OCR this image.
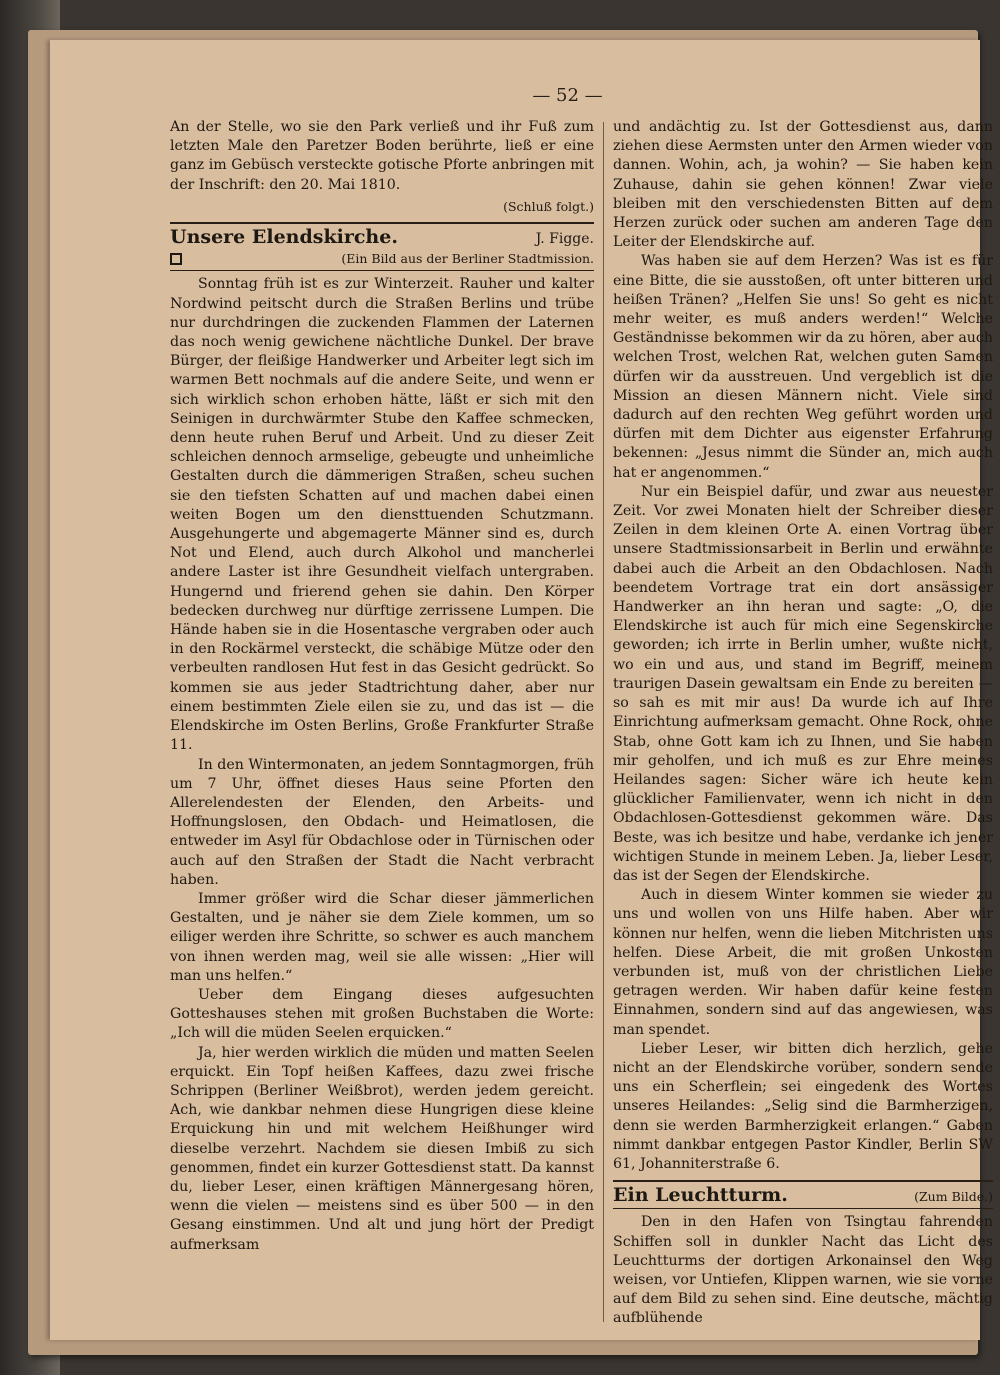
— 52 —

An der Stelle, wo sie den Park verließ und ihr Fuß zum letzten Male den Paretzer Boden berührte, ließ er eine ganz im Gebüsch versteckte gotische Pforte anbringen mit der Inschrift: den 20. Mai 1810.

(Schluß folgt.)
Unsere Elendskirche.	J. Figge.
(Ein Bild aus der Berliner Stadtmission.

Sonntag früh ist es zur Winterzeit. Rauher und kalter Nordwind peitscht durch die Straßen Berlins und trübe nur durchdringen die zuckenden Flammen der Laternen das noch wenig gewichene nächtliche Dunkel. Der brave Bürger, der fleißige Handwerker und Arbeiter legt sich im warmen Bett nochmals auf die andere Seite, und wenn er sich wirklich schon erhoben hätte, läßt er sich mit den Seinigen in durchwärmter Stube den Kaffee schmecken, denn heute ruhen Beruf und Arbeit. Und zu dieser Zeit schleichen dennoch armselige, gebeugte und unheimliche Gestalten durch die dämmerigen Straßen, scheu suchen sie den tiefsten Schatten auf und machen dabei einen weiten Bogen um den diensttuenden Schutzmann. Ausgehungerte und abgemagerte Männer sind es, durch Not und Elend, auch durch Alkohol und mancherlei andere Laster ist ihre Gesundheit vielfach untergraben. Hungernd und frierend gehen sie dahin. Den Körper bedecken durchweg nur dürftige zerrissene Lumpen. Die Hände haben sie in die Hosentasche vergraben oder auch in den Rockärmel versteckt, die schäbige Mütze oder den verbeulten randlosen Hut fest in das Gesicht gedrückt. So kommen sie aus jeder Stadtrichtung daher, aber nur einem bestimmten Ziele eilen sie zu, und das ist — die Elendskirche im Osten Berlins, Große Frankfurter Straße 11.

In den Wintermonaten, an jedem Sonntagmorgen, früh um 7 Uhr, öffnet dieses Haus seine Pforten den Allerelendesten der Elenden, den Arbeits- und Hoffnungslosen, den Obdach- und Heimatlosen, die entweder im Asyl für Obdachlose oder in Türnischen oder auch auf den Straßen der Stadt die Nacht verbracht haben.

Immer größer wird die Schar dieser jämmerlichen Gestalten, und je näher sie dem Ziele kommen, um so eiliger werden ihre Schritte, so schwer es auch manchem von ihnen werden mag, weil sie alle wissen: „Hier will man uns helfen.“

Ueber dem Eingang dieses aufgesuchten Gotteshauses stehen mit großen Buchstaben die Worte: „Ich will die müden Seelen erquicken.“

Ja, hier werden wirklich die müden und matten Seelen erquickt. Ein Topf heißen Kaffees, dazu zwei frische Schrippen (Berliner Weißbrot), werden jedem gereicht. Ach, wie dankbar nehmen diese Hungrigen diese kleine Erquickung hin und mit welchem Heißhunger wird dieselbe verzehrt. Nachdem sie diesen Imbiß zu sich genommen, findet ein kurzer Gottesdienst statt. Da kannst du, lieber Leser, einen kräftigen Männergesang hören, wenn die vielen — meistens sind es über 500 — in den Gesang einstimmen. Und alt und jung hört der Predigt aufmerksam

und andächtig zu. Ist der Gottesdienst aus, dann ziehen diese Aermsten unter den Armen wieder von dannen. Wohin, ach, ja wohin? — Sie haben kein Zuhause, dahin sie gehen können! Zwar viele bleiben mit den verschiedensten Bitten auf dem Herzen zurück oder suchen am anderen Tage den Leiter der Elendskirche auf.

Was haben sie auf dem Herzen? Was ist es für eine Bitte, die sie ausstoßen, oft unter bitteren und heißen Tränen? „Helfen Sie uns! So geht es nicht mehr weiter, es muß anders werden!“ Welche Geständnisse bekommen wir da zu hören, aber auch welchen Trost, welchen Rat, welchen guten Samen dürfen wir da ausstreuen. Und vergeblich ist die Mission an diesen Männern nicht. Viele sind dadurch auf den rechten Weg geführt worden und dürfen mit dem Dichter aus eigenster Erfahrung bekennen: „Jesus nimmt die Sünder an, mich auch hat er angenommen.“

Nur ein Beispiel dafür, und zwar aus neuester Zeit. Vor zwei Monaten hielt der Schreiber dieser Zeilen in dem kleinen Orte A. einen Vortrag über unsere Stadtmissionsarbeit in Berlin und erwähnte dabei auch die Arbeit an den Obdachlosen. Nach beendetem Vortrage trat ein dort ansässiger Handwerker an ihn heran und sagte: „O, die Elendskirche ist auch für mich eine Segenskirche geworden; ich irrte in Berlin umher, wußte nicht, wo ein und aus, und stand im Begriff, meinem traurigen Dasein gewaltsam ein Ende zu bereiten — so sah es mit mir aus! Da wurde ich auf Ihre Einrichtung aufmerksam gemacht. Ohne Rock, ohne Stab, ohne Gott kam ich zu Ihnen, und Sie haben mir geholfen, und ich muß es zur Ehre meines Heilandes sagen: Sicher wäre ich heute kein glücklicher Familienvater, wenn ich nicht in den Obdachlosen-Gottesdienst gekommen wäre. Das Beste, was ich besitze und habe, verdanke ich jener wichtigen Stunde in meinem Leben. Ja, lieber Leser, das ist der Segen der Elendskirche.

Auch in diesem Winter kommen sie wieder zu uns und wollen von uns Hilfe haben. Aber wir können nur helfen, wenn die lieben Mitchristen uns helfen. Diese Arbeit, die mit großen Unkosten verbunden ist, muß von der christlichen Liebe getragen werden. Wir haben dafür keine festen Einnahmen, sondern sind auf das angewiesen, was man spendet.

Lieber Leser, wir bitten dich herzlich, gehe nicht an der Elendskirche vorüber, sondern sende uns ein Scherflein; sei eingedenk des Wortes unseres Heilandes: „Selig sind die Barmherzigen, denn sie werden Barmherzigkeit erlangen.“ Gaben nimmt dankbar entgegen Pastor Kindler, Berlin SW 61, Johanniterstraße 6.

Ein Leuchtturm.	(Zum Bilde.)

Den in den Hafen von Tsingtau fahrenden Schiffen soll in dunkler Nacht das Licht des Leuchtturms der dortigen Arkonainsel den Weg weisen, vor Untiefen, Klippen warnen, wie sie vorne auf dem Bild zu sehen sind. Eine deutsche, mächtig aufblühende
